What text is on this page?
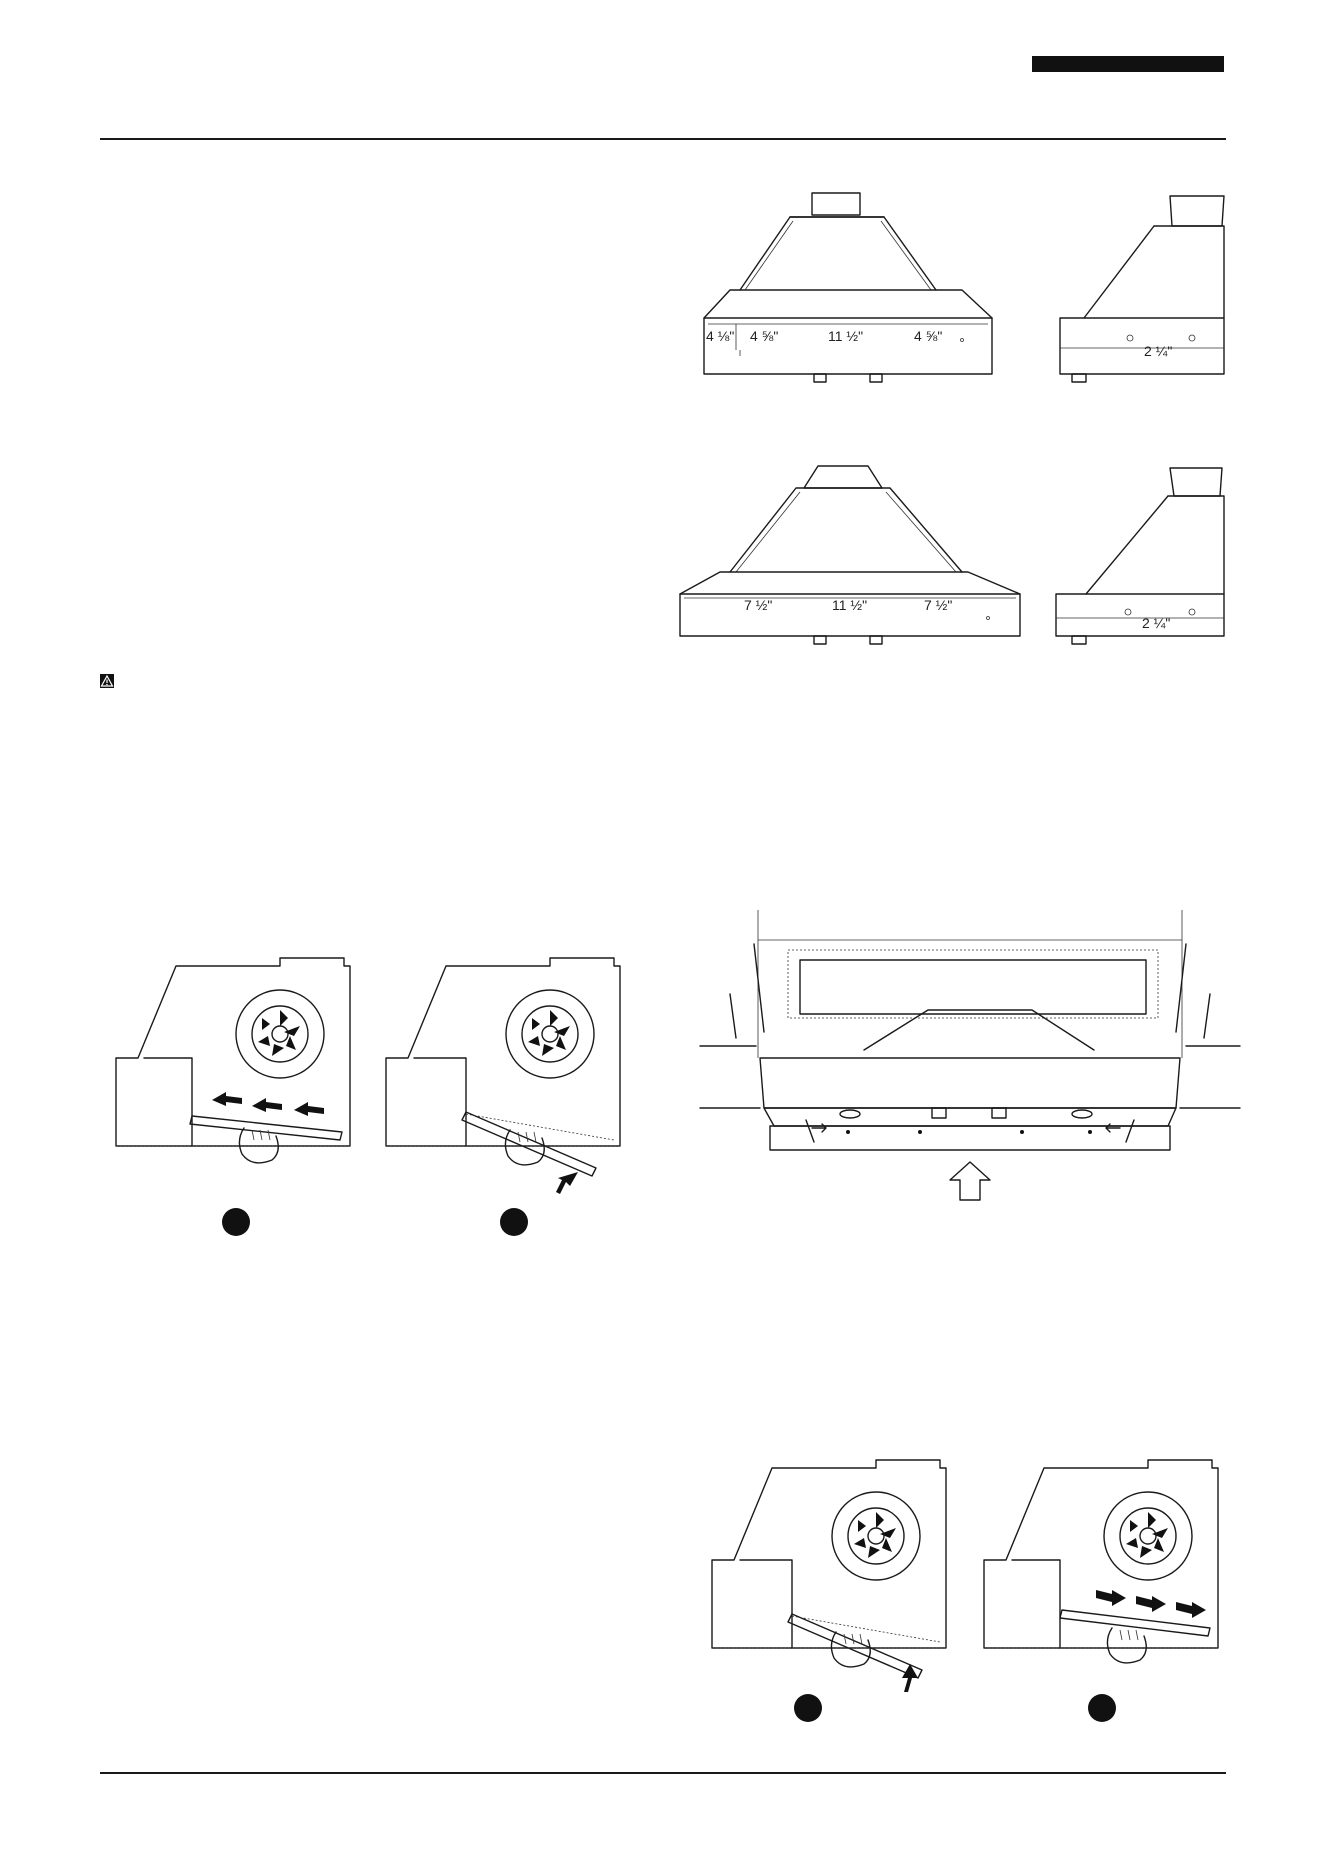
4 ⅛" 4 ⅝"	11 ½"	4 ⅝"
2 ¼"
7 ½"	11 ½"	7 ½"
2 ¼"
